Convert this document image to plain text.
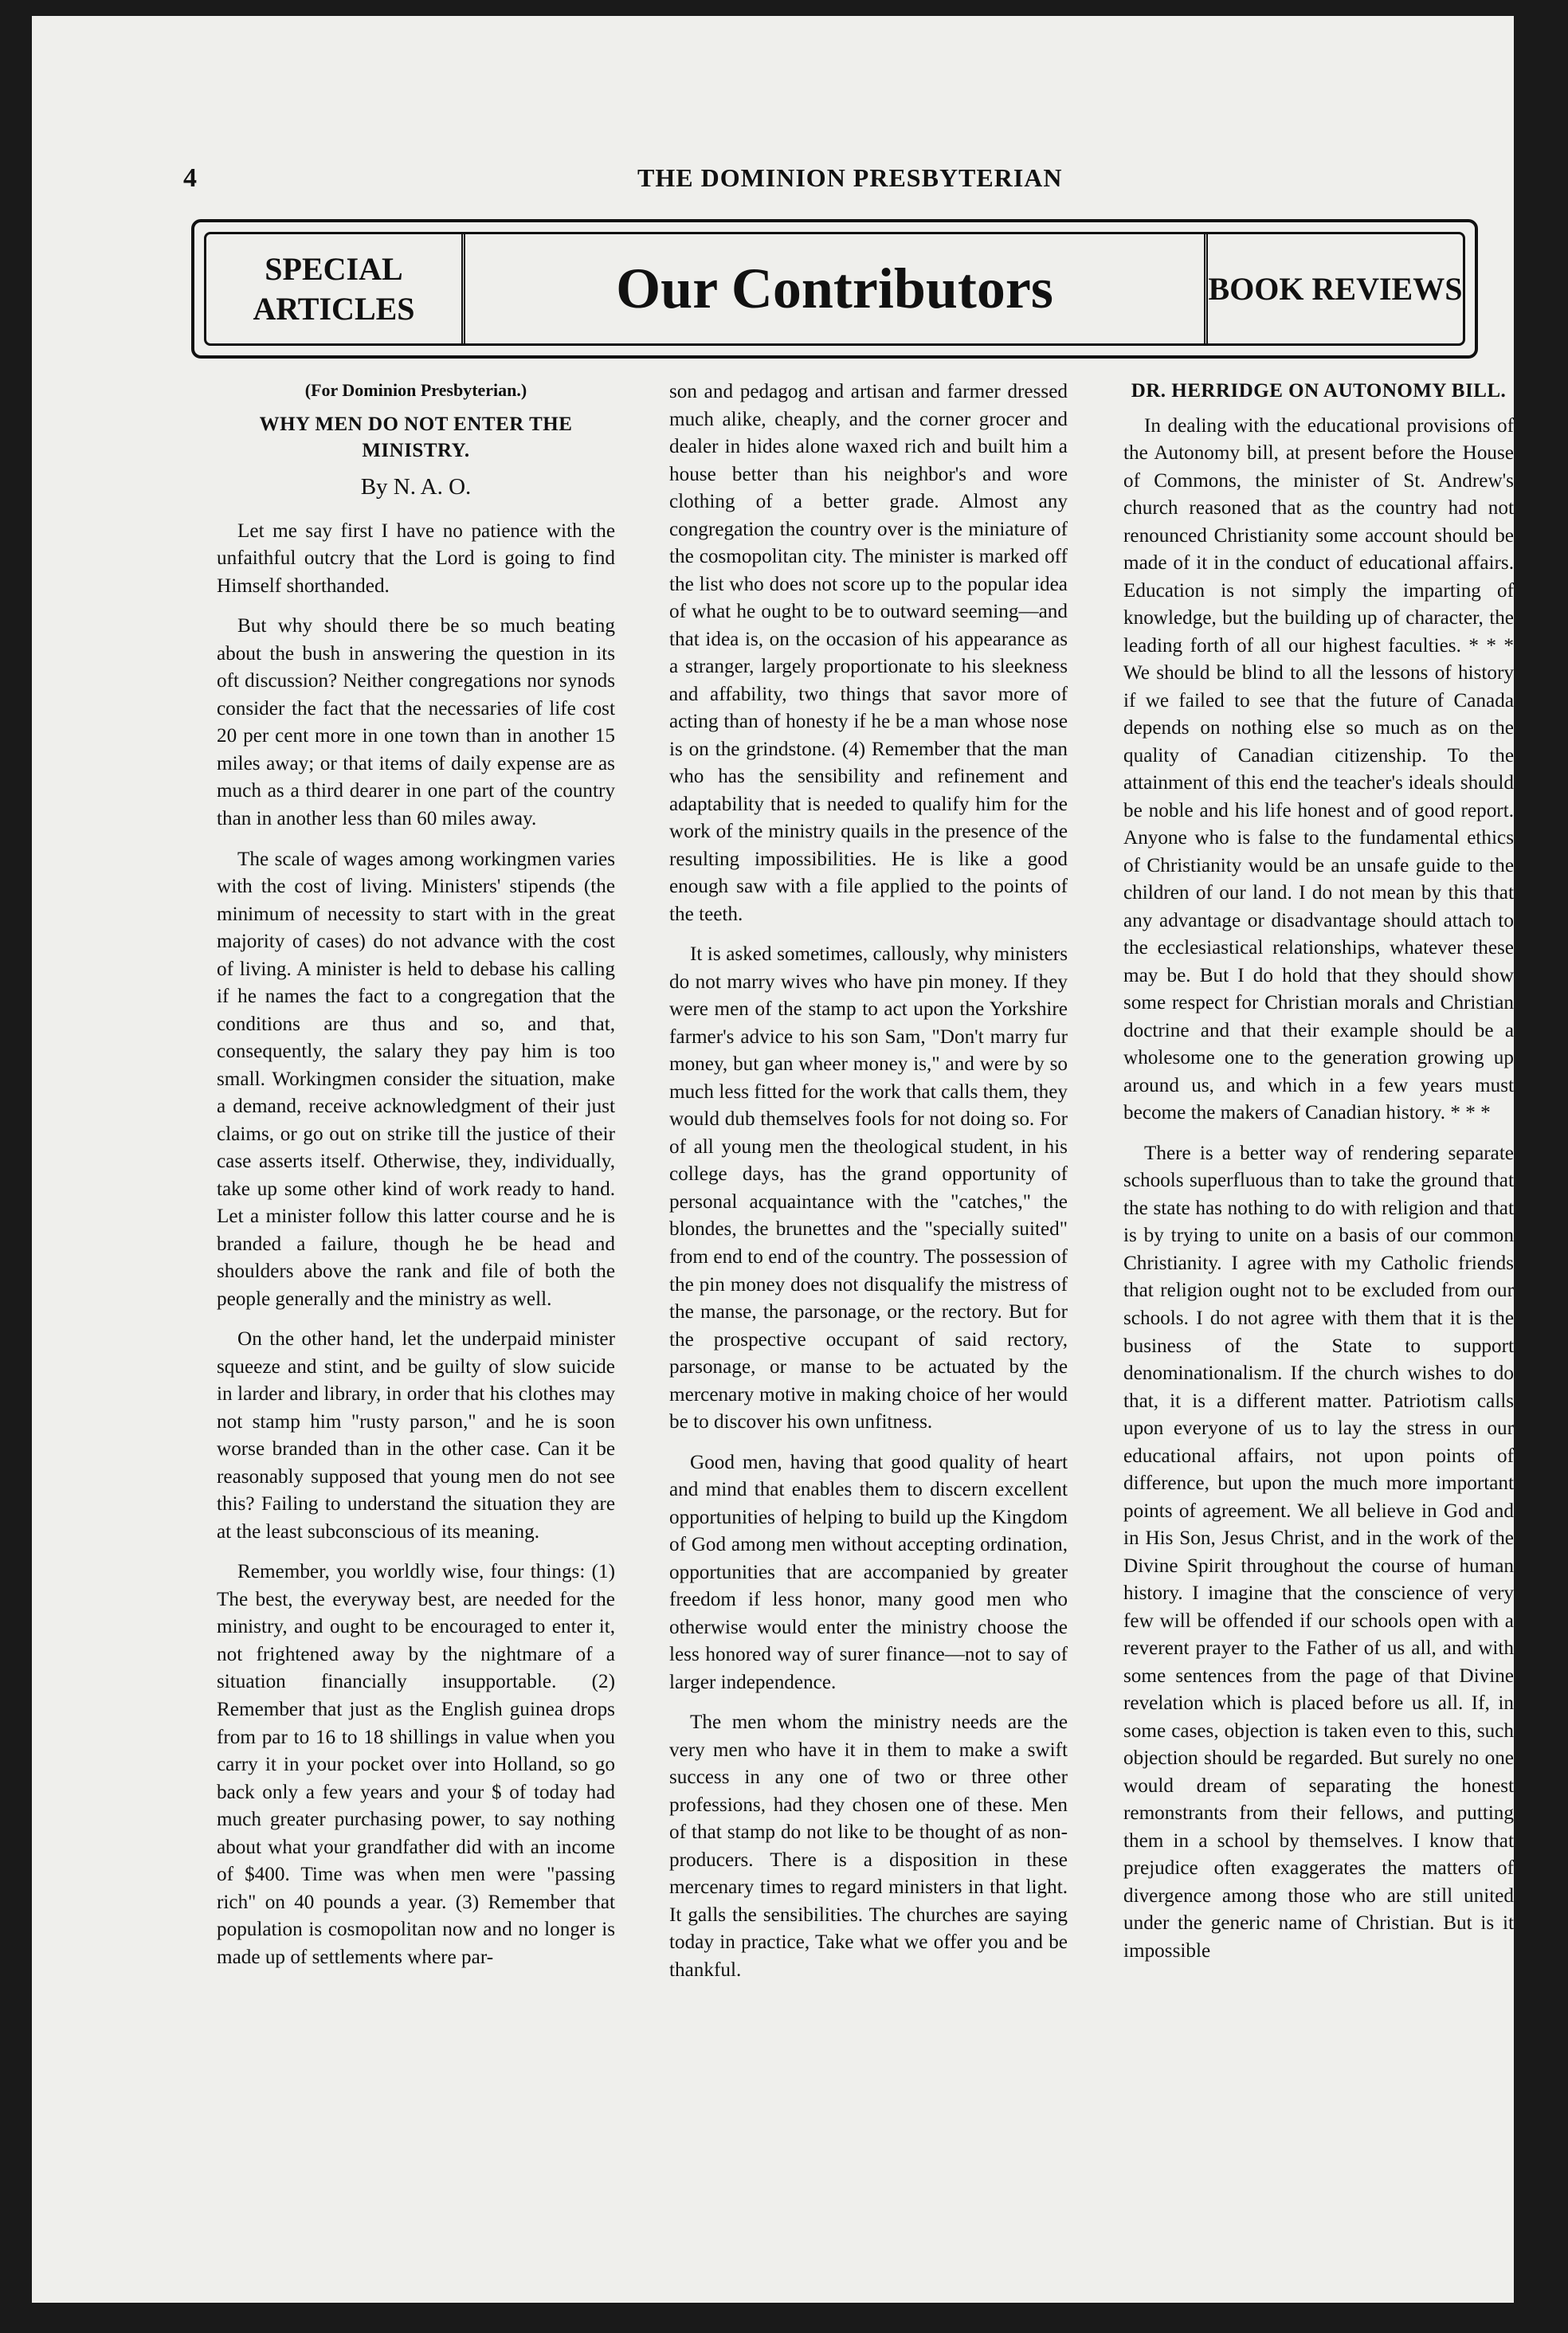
4	THE DOMINION PRESBYTERIAN
SPECIAL ARTICLES	Our Contributors	BOOK REVIEWS
(For Dominion Presbyterian.)
WHY MEN DO NOT ENTER THE MINISTRY.
By N. A. O.

Let me say first I have no patience with the unfaithful outcry that the Lord is going to find Himself shorthanded.

But why should there be so much beating about the bush in answering the question in its oft discussion? Neither congregations nor synods consider the fact that the necessaries of life cost 20 per cent more in one town than in another 15 miles away; or that items of daily expense are as much as a third dearer in one part of the country than in another less than 60 miles away.

The scale of wages among workingmen varies with the cost of living. Ministers' stipends (the minimum of necessity to start with in the great majority of cases) do not advance with the cost of living. A minister is held to debase his calling if he names the fact to a congregation that the conditions are thus and so, and that, consequently, the salary they pay him is too small. Workingmen consider the situation, make a demand, receive acknowledgment of their just claims, or go out on strike till the justice of their case asserts itself. Otherwise, they, individually, take up some other kind of work ready to hand. Let a minister follow this latter course and he is branded a failure, though he be head and shoulders above the rank and file of both the people generally and the ministry as well.

On the other hand, let the underpaid minister squeeze and stint, and be guilty of slow suicide in larder and library, in order that his clothes may not stamp him "rusty parson," and he is soon worse branded than in the other case. Can it be reasonably supposed that young men do not see this? Failing to understand the situation they are at the least subconscious of its meaning.

Remember, you worldly wise, four things: (1) The best, the everyway best, are needed for the ministry, and ought to be encouraged to enter it, not frightened away by the nightmare of a situation financially insupportable. (2) Remember that just as the English guinea drops from par to 16 to 18 shillings in value when you carry it in your pocket over into Holland, so go back only a few years and your $ of today had much greater purchasing power, to say nothing about what your grandfather did with an income of $400. Time was when men were "passing rich" on 40 pounds a year. (3) Remember that population is cosmopolitan now and no longer is made up of settlements where par-

son and pedagog and artisan and farmer dressed much alike, cheaply, and the corner grocer and dealer in hides alone waxed rich and built him a house better than his neighbor's and wore clothing of a better grade. Almost any congregation the country over is the miniature of the cosmopolitan city. The minister is marked off the list who does not score up to the popular idea of what he ought to be to outward seeming—and that idea is, on the occasion of his appearance as a stranger, largely proportionate to his sleekness and affability, two things that savor more of acting than of honesty if he be a man whose nose is on the grindstone. (4) Remember that the man who has the sensibility and refinement and adaptability that is needed to qualify him for the work of the ministry quails in the presence of the resulting impossibilities. He is like a good enough saw with a file applied to the points of the teeth.

It is asked sometimes, callously, why ministers do not marry wives who have pin money. If they were men of the stamp to act upon the Yorkshire farmer's advice to his son Sam, "Don't marry fur money, but gan wheer money is," and were by so much less fitted for the work that calls them, they would dub themselves fools for not doing so. For of all young men the theological student, in his college days, has the grand opportunity of personal acquaintance with the "catches," the blondes, the brunettes and the "specially suited" from end to end of the country. The possession of the pin money does not disqualify the mistress of the manse, the parsonage, or the rectory. But for the prospective occupant of said rectory, parsonage, or manse to be actuated by the mercenary motive in making choice of her would be to discover his own unfitness.

Good men, having that good quality of heart and mind that enables them to discern excellent opportunities of helping to build up the Kingdom of God among men without accepting ordination, opportunities that are accompanied by greater freedom if less honor, many good men who otherwise would enter the ministry choose the less honored way of surer finance—not to say of larger independence.

The men whom the ministry needs are the very men who have it in them to make a swift success in any one of two or three other professions, had they chosen one of these. Men of that stamp do not like to be thought of as non-producers. There is a disposition in these mercenary times to regard ministers in that light. It galls the sensibilities. The churches are saying today in practice, Take what we offer you and be thankful.

DR. HERRIDGE ON AUTONOMY BILL.

In dealing with the educational provisions of the Autonomy bill, at present before the House of Commons, the minister of St. Andrew's church reasoned that as the country had not renounced Christianity some account should be made of it in the conduct of educational affairs. Education is not simply the imparting of knowledge, but the building up of character, the leading forth of all our highest faculties. * * * We should be blind to all the lessons of history if we failed to see that the future of Canada depends on nothing else so much as on the quality of Canadian citizenship. To the attainment of this end the teacher's ideals should be noble and his life honest and of good report. Anyone who is false to the fundamental ethics of Christianity would be an unsafe guide to the children of our land. I do not mean by this that any advantage or disadvantage should attach to the ecclesiastical relationships, whatever these may be. But I do hold that they should show some respect for Christian morals and Christian doctrine and that their example should be a wholesome one to the generation growing up around us, and which in a few years must become the makers of Canadian history. * * *

There is a better way of rendering separate schools superfluous than to take the ground that the state has nothing to do with religion and that is by trying to unite on a basis of our common Christianity. I agree with my Catholic friends that religion ought not to be excluded from our schools. I do not agree with them that it is the business of the State to support denominationalism. If the church wishes to do that, it is a different matter. Patriotism calls upon everyone of us to lay the stress in our educational affairs, not upon points of difference, but upon the much more important points of agreement. We all believe in God and in His Son, Jesus Christ, and in the work of the Divine Spirit throughout the course of human history. I imagine that the conscience of very few will be offended if our schools open with a reverent prayer to the Father of us all, and with some sentences from the page of that Divine revelation which is placed before us all. If, in some cases, objection is taken even to this, such objection should be regarded. But surely no one would dream of separating the honest remonstrants from their fellows, and putting them in a school by themselves. I know that prejudice often exaggerates the matters of divergence among those who are still united under the generic name of Christian. But is it impossible
